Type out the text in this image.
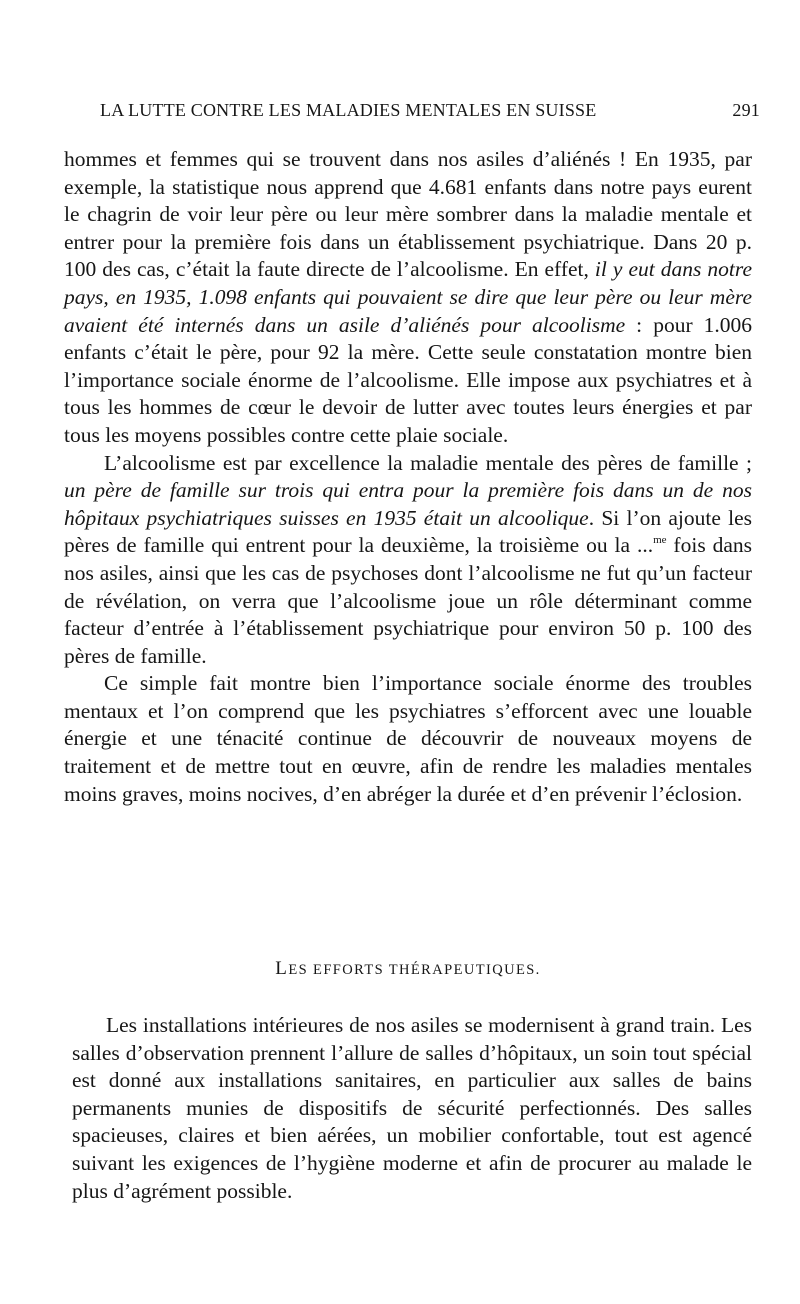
LA LUTTE CONTRE LES MALADIES MENTALES EN SUISSE	291

hommes et femmes qui se trouvent dans nos asiles d’aliénés ! En 1935, par exemple, la statistique nous apprend que 4.681 enfants dans notre pays eurent le chagrin de voir leur père ou leur mère sombrer dans la maladie mentale et entrer pour la première fois dans un établissement psychiatrique. Dans 20 p. 100 des cas, c’était la faute directe de l’alcoolisme. En effet, il y eut dans notre pays, en 1935, 1.098 enfants qui pouvaient se dire que leur père ou leur mère avaient été internés dans un asile d’aliénés pour alcoolisme : pour 1.006 enfants c’était le père, pour 92 la mère. Cette seule constatation montre bien l’importance sociale énorme de l’alcoolisme. Elle impose aux psychiatres et à tous les hommes de cœur le devoir de lutter avec toutes leurs énergies et par tous les moyens possibles contre cette plaie sociale.

L’alcoolisme est par excellence la maladie mentale des pères de famille ; un père de famille sur trois qui entra pour la première fois dans un de nos hôpitaux psychiatriques suisses en 1935 était un alcoolique. Si l’on ajoute les pères de famille qui entrent pour la deuxième, la troisième ou la ...$^{me}$ fois dans nos asiles, ainsi que les cas de psychoses dont l’alcoolisme ne fut qu’un facteur de révélation, on verra que l’alcoolisme joue un rôle déterminant comme facteur d’entrée à l’établissement psychiatrique pour environ 50 p. 100 des pères de famille.

Ce simple fait montre bien l’importance sociale énorme des troubles mentaux et l’on comprend que les psychiatres s’efforcent avec une louable énergie et une ténacité continue de découvrir de nouveaux moyens de traitement et de mettre tout en œuvre, afin de rendre les maladies mentales moins graves, moins nocives, d’en abréger la durée et d’en prévenir l’éclosion.

LES EFFORTS THÉRAPEUTIQUES.

Les installations intérieures de nos asiles se modernisent à grand train. Les salles d’observation prennent l’allure de salles d’hôpitaux, un soin tout spécial est donné aux installations sanitaires, en particulier aux salles de bains permanents munies de dispositifs de sécurité perfectionnés. Des salles spacieuses, claires et bien aérées, un mobilier confortable, tout est agencé suivant les exigences de l’hygiène moderne et afin de procurer au malade le plus d’agrément possible.
